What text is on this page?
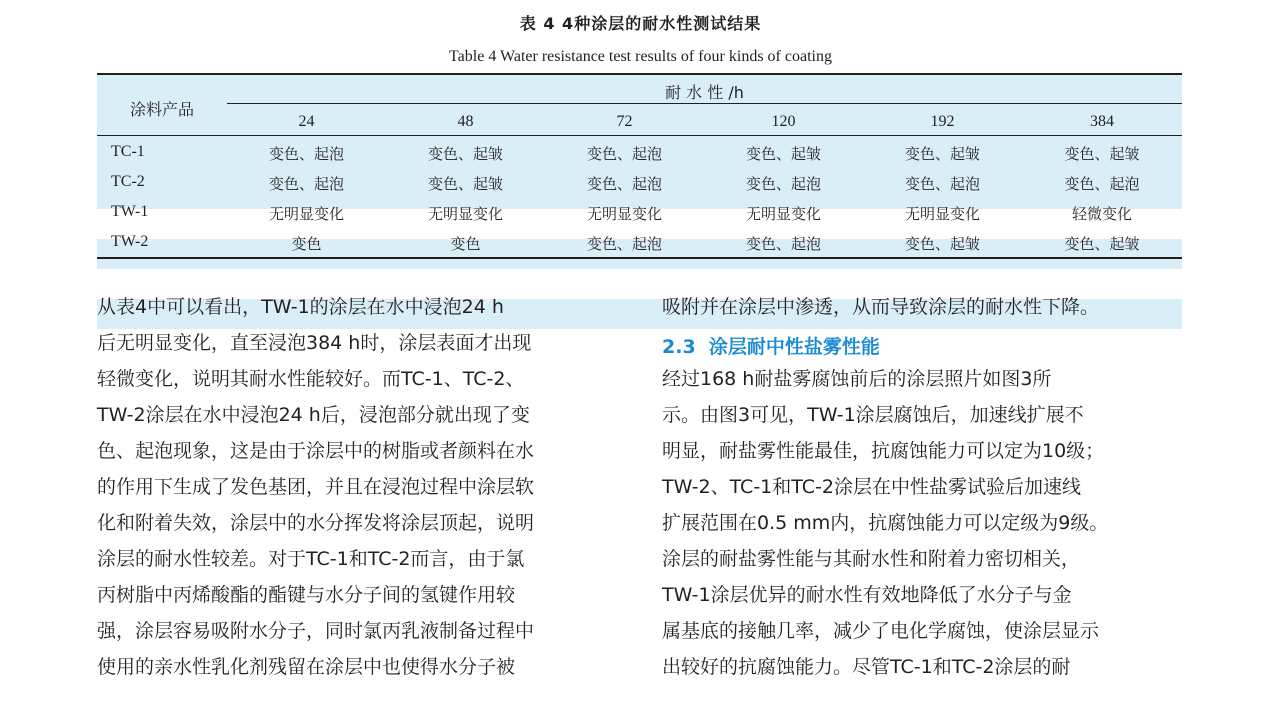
表 4 4种涂层的耐水性测试结果
Table 4 Water resistance test results of four kinds of coating
涂料产品
耐 水 性 /h
24	48	72	120	192	384
TC-1	变色、起泡	变色、起皱	变色、起泡	变色、起皱	变色、起皱	变色、起皱
TC-2	变色、起泡	变色、起皱	变色、起泡	变色、起泡	变色、起泡	变色、起泡
TW-1	无明显变化	无明显变化	无明显变化	无明显变化	无明显变化	轻微变化
TW-2	变色	变色	变色、起泡	变色、起泡	变色、起皱	变色、起皱
从表4中可以看出，TW-1的涂层在水中浸泡24 h
后无明显变化，直至浸泡384 h时，涂层表面才出现
轻微变化，说明其耐水性能较好。而TC-1、TC-2、
TW-2涂层在水中浸泡24 h后，浸泡部分就出现了变
色、起泡现象，这是由于涂层中的树脂或者颜料在水
的作用下生成了发色基团，并且在浸泡过程中涂层软
化和附着失效，涂层中的水分挥发将涂层顶起，说明
涂层的耐水性较差。对于TC-1和TC-2而言，由于氯
丙树脂中丙烯酸酯的酯键与水分子间的氢键作用较
强，涂层容易吸附水分子，同时氯丙乳液制备过程中
使用的亲水性乳化剂残留在涂层中也使得水分子被
吸附并在涂层中渗透，从而导致涂层的耐水性下降。
2.3 涂层耐中性盐雾性能
经过168 h耐盐雾腐蚀前后的涂层照片如图3所
示。由图3可见，TW-1涂层腐蚀后，加速线扩展不
明显，耐盐雾性能最佳，抗腐蚀能力可以定为10级；
TW-2、TC-1和TC-2涂层在中性盐雾试验后加速线
扩展范围在0.5 mm内，抗腐蚀能力可以定级为9级。
涂层的耐盐雾性能与其耐水性和附着力密切相关，
TW-1涂层优异的耐水性有效地降低了水分子与金
属基底的接触几率，减少了电化学腐蚀，使涂层显示
出较好的抗腐蚀能力。尽管TC-1和TC-2涂层的耐
